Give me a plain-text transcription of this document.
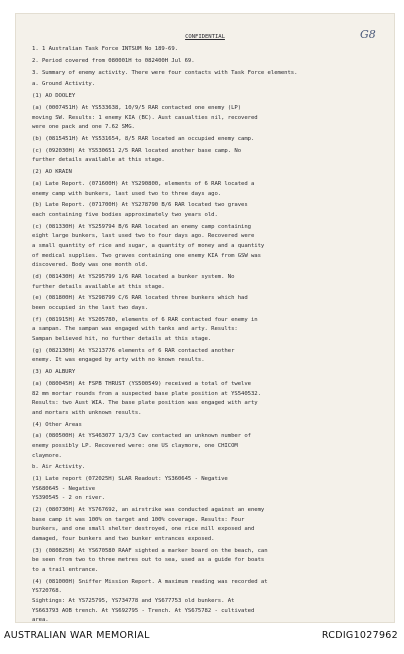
G8
CONFIDENTIAL
1. 1 Australian Task Force INTSUM No 189-69.
2. Period covered from 080001H to 082400H Jul 69.
3. Summary of enemy activity. There were four contacts with Task Force elements.
a. Ground Activity.
(1) AO DOOLEY
(a) (0007451H) At YS533638, 10/9/5 RAR contacted one enemy (LP)
moving SW. Results: 1 enemy KIA (BC). Aust casualties nil, recovered
were one pack and one 7.62 SMG.
(b) (0815451H) At YS531654, 8/5 RAR located an occupied enemy camp.
(c) (092030H) At YS530651 2/5 RAR located another base camp. No
further details available at this stage.
(2) AO KRAIN
(a) Late Report. (071600H) At YS290800, elements of 6 RAR located a
enemy camp with bunkers, last used two to three days ago.
(b) Late Report. (071700H) At YS278790 B/6 RAR located two graves
each containing five bodies approximately two years old.
(c) (081330H) At YS259794 B/6 RAR located an enemy camp containing
eight large bunkers, last used two to four days ago. Recovered were
a small quantity of rice and sugar, a quantity of money and a quantity
of medical supplies. Two graves containing one enemy KIA from GSW was
discovered. Body was one month old.
(d) (081430H) At YS295799 1/6 RAR located a bunker system. No
further details available at this stage.
(e) (081800H) At YS298799 C/6 RAR located three bunkers which had
been occupied in the last two days.
(f) (081915H) At YS205780, elements of 6 RAR contacted four enemy in
a sampan. The sampan was engaged with tanks and arty. Results:
Sampan believed hit, no further details at this stage.
(g) (082130H) At YS213776 elements of 6 RAR contacted another
enemy. It was engaged by arty with no known results.
(3) AO ALBURY
(a) (080045H) At FSPB THRUST (YS500549) received a total of twelve
82 mm mortar rounds from a suspected base plate position at YS540532.
Results: two Aust WIA. The base plate position was engaged with arty
and mortars with unknown results.
(4) Other Areas
(a) (080500H) At YS463077 1/3/3 Cav contacted an unknown number of
enemy possibly LP. Recovered were: one US claymore, one CHICOM
claymore.
b. Air Activity.
(1) Late report (072025H) SLAR Readout: YS360645 - Negative
YS680645 - Negative
YS390545 - 2 on river.
(2) (080730H) At YS767692, an airstrike was conducted against an enemy
base camp it was 100% on target and 100% coverage. Results: Four
bunkers, and one small shelter destroyed, one rice mill exposed and
damaged, four bunkers and two bunker entrances exposed.
(3) (080825H) At YS670580 RAAF sighted a marker board on the beach, can
be seen from two to three metres out to sea, used as a guide for boats
to a trail entrance.
(4) (081000H) Sniffer Mission Report. A maximum reading was recorded at
YS720768.
Sightings: At YS725795, YS734778 and YS677753 old bunkers. At
YS663793 AOB trench. At YS692795 - Trench. At YS675782 - cultivated
area.
AUSTRALIAN WAR MEMORIAL	RCDIG1027962
